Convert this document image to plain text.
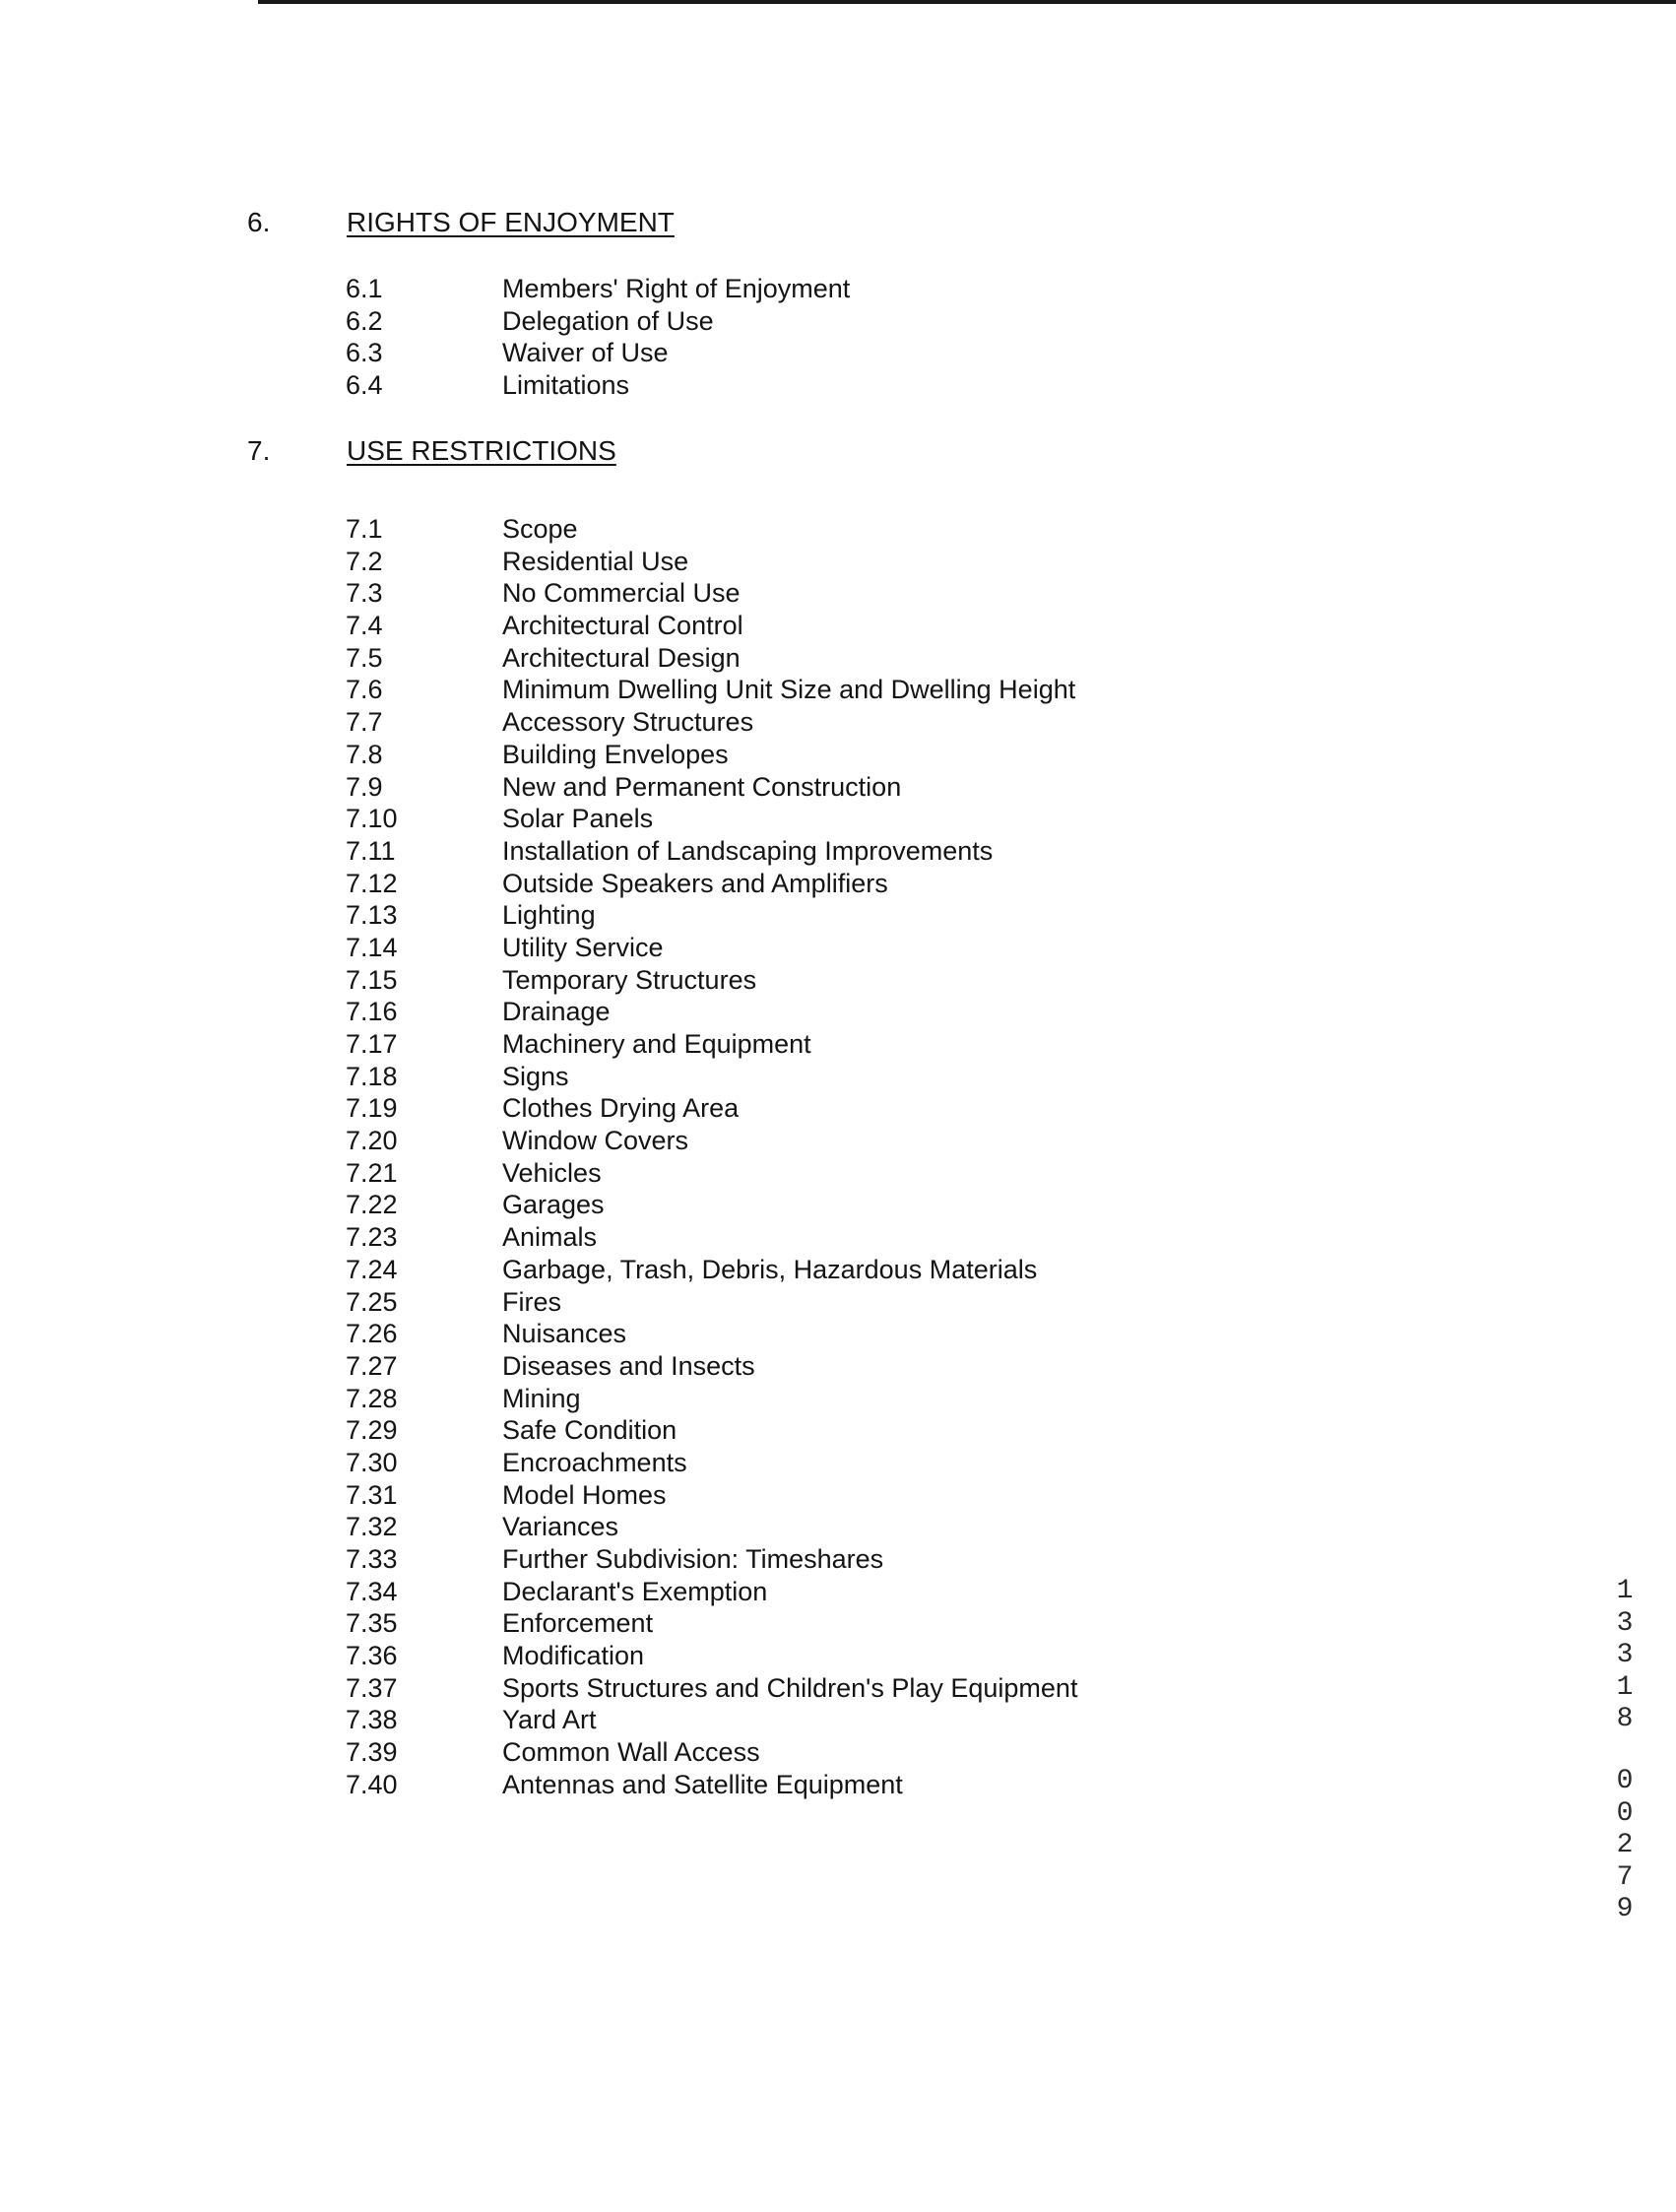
6.	RIGHTS OF ENJOYMENT
6.1	Members' Right of Enjoyment
6.2	Delegation of Use
6.3	Waiver of Use
6.4	Limitations
7.	USE RESTRICTIONS
7.1	Scope
7.2	Residential Use
7.3	No Commercial Use
7.4	Architectural Control
7.5	Architectural Design
7.6	Minimum Dwelling Unit Size and Dwelling Height
7.7	Accessory Structures
7.8	Building Envelopes
7.9	New and Permanent Construction
7.10	Solar Panels
7.11	Installation of Landscaping Improvements
7.12	Outside Speakers and Amplifiers
7.13	Lighting
7.14	Utility Service
7.15	Temporary Structures
7.16	Drainage
7.17	Machinery and Equipment
7.18	Signs
7.19	Clothes Drying Area
7.20	Window Covers
7.21	Vehicles
7.22	Garages
7.23	Animals
7.24	Garbage, Trash, Debris, Hazardous Materials
7.25	Fires
7.26	Nuisances
7.27	Diseases and Insects
7.28	Mining
7.29	Safe Condition
7.30	Encroachments
7.31	Model Homes
7.32	Variances
7.33	Further Subdivision: Timeshares
7.34	Declarant's Exemption
7.35	Enforcement
7.36	Modification
7.37	Sports Structures and Children's Play Equipment
7.38	Yard Art
7.39	Common Wall Access
7.40	Antennas and Satellite Equipment
1
3
3
1
8
0
0
2
7
9
